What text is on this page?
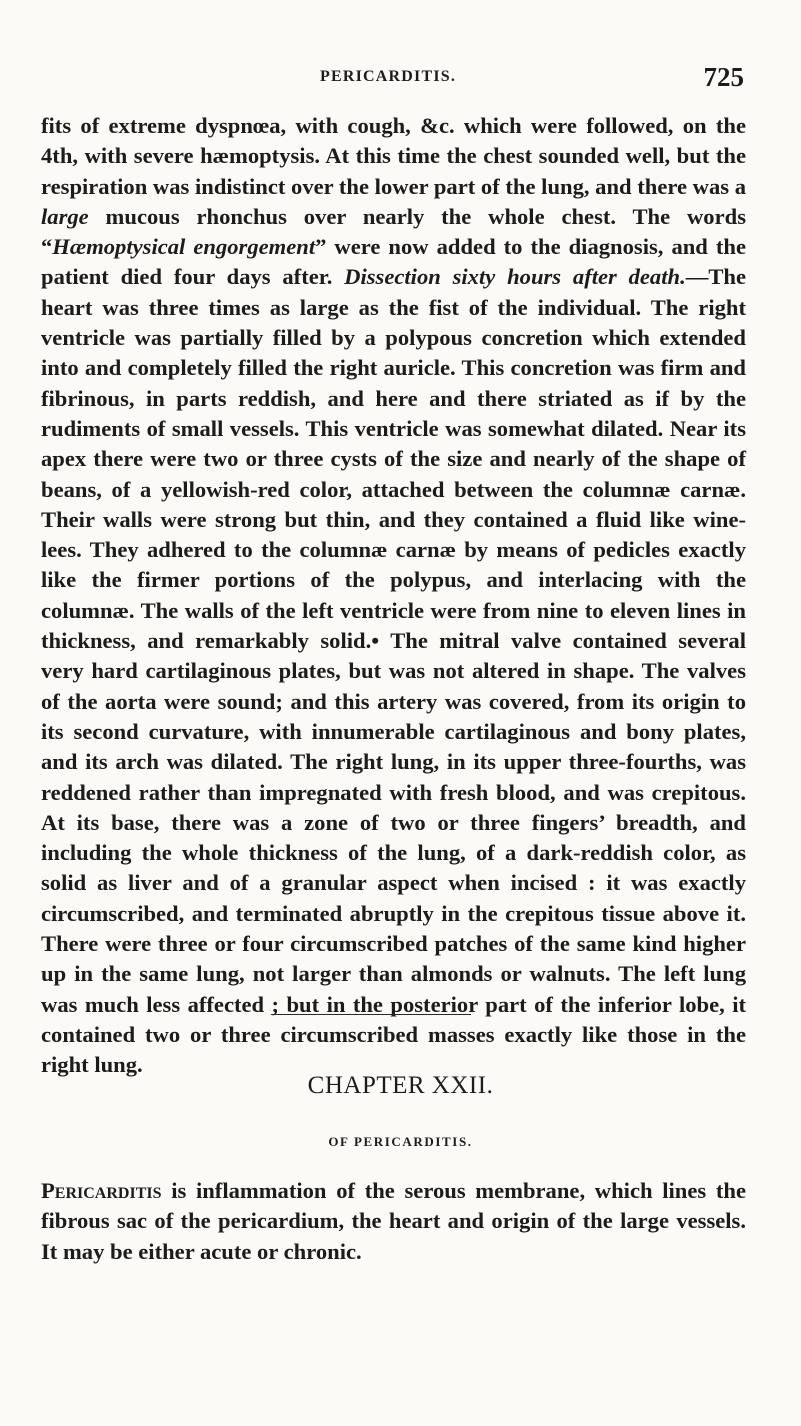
PERICARDITIS.	725

fits of extreme dyspnœa, with cough, &c. which were followed, on the 4th, with severe hæmoptysis. At this time the chest sounded well, but the respiration was indistinct over the lower part of the lung, and there was a large mucous rhonchus over nearly the whole chest. The words “Hæmoptysical engorgement” were now added to the diagnosis, and the patient died four days after. Dissection sixty hours after death.—The heart was three times as large as the fist of the individual. The right ventricle was partially filled by a polypous concretion which extended into and completely filled the right auricle. This concretion was firm and fibrinous, in parts reddish, and here and there striated as if by the rudiments of small vessels. This ventricle was somewhat dilated. Near its apex there were two or three cysts of the size and nearly of the shape of beans, of a yellowish-red color, attached between the columnæ carnæ. Their walls were strong but thin, and they contained a fluid like wine-lees. They adhered to the columnæ carnæ by means of pedicles exactly like the firmer portions of the polypus, and interlacing with the columnæ. The walls of the left ventricle were from nine to eleven lines in thickness, and remarkably solid.• The mitral valve contained several very hard cartilaginous plates, but was not altered in shape. The valves of the aorta were sound; and this artery was covered, from its origin to its second curvature, with innumerable cartilaginous and bony plates, and its arch was dilated. The right lung, in its upper three-fourths, was reddened rather than impregnated with fresh blood, and was crepitous. At its base, there was a zone of two or three fingers’ breadth, and including the whole thickness of the lung, of a dark-reddish color, as solid as liver and of a granular aspect when incised : it was exactly circumscribed, and terminated abruptly in the crepitous tissue above it. There were three or four circumscribed patches of the same kind higher up in the same lung, not larger than almonds or walnuts. The left lung was much less affected ; but in the posterior part of the inferior lobe, it contained two or three circumscribed masses exactly like those in the right lung.

CHAPTER XXII.
OF PERICARDITIS.

Pericarditis is inflammation of the serous membrane, which lines the fibrous sac of the pericardium, the heart and origin of the large vessels. It may be either acute or chronic.
